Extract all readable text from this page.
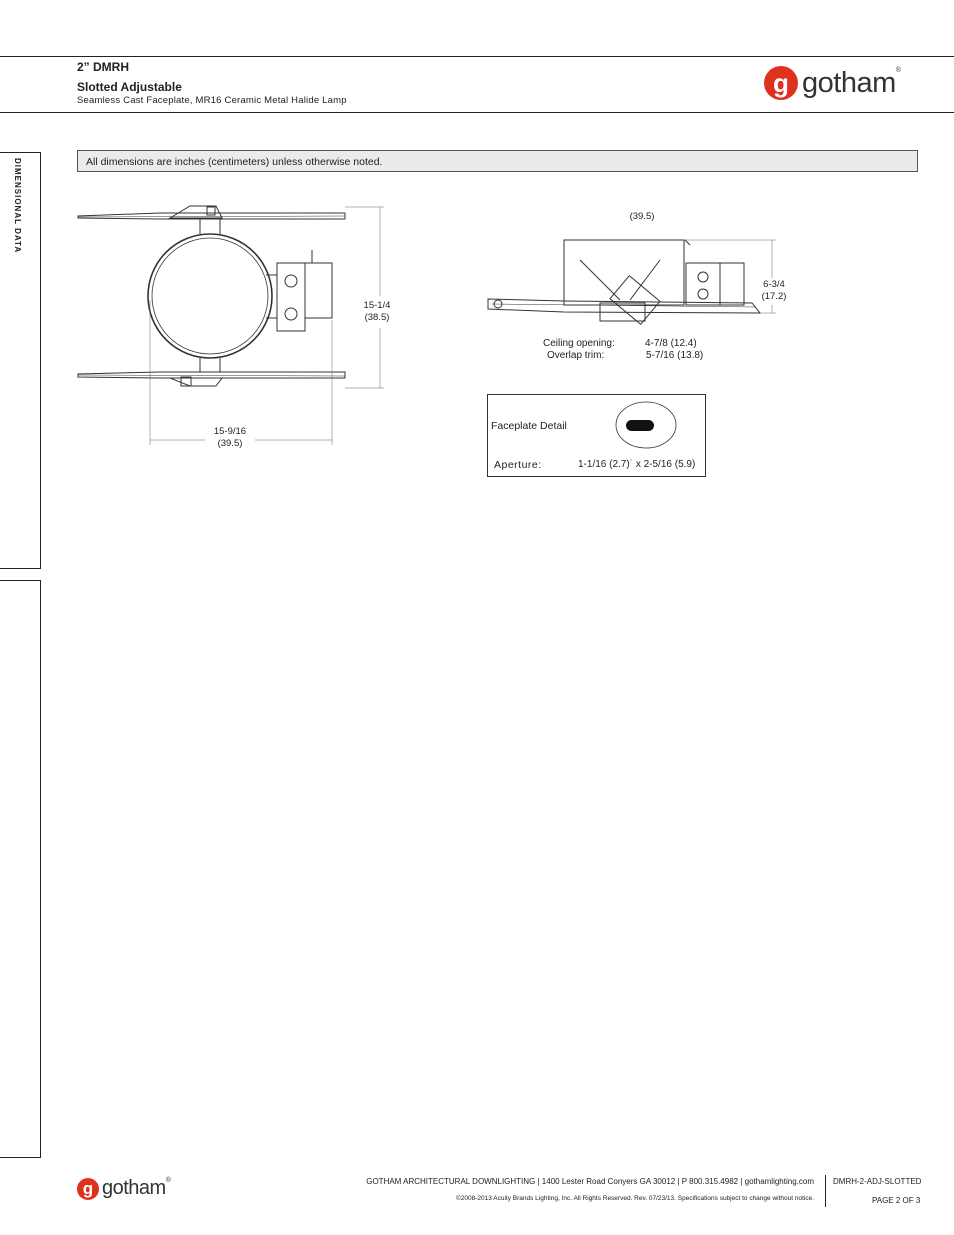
2” DMRH
Slotted Adjustable
Seamless Cast Faceplate, MR16 Ceramic Metal Halide Lamp
g gotham®
DIMENSIONAL DATA	All dimensions are inches (centimeters) unless otherwise noted.
15-1/4
(38.5)
15-9/16
(39.5)
(39.5)
6-3/4
(17.2)
Ceiling opening:	4-7/8 (12.4)
Overlap trim:	5-7/16 (13.8)
Faceplate Detail
Aperture:	1-1/16 (2.7)˙ x 2-5/16 (5.9)
g gotham®	GOTHAM ARCHITECTURAL DOWNLIGHTING | 1400 Lester Road Conyers GA 30012 | P 800.315.4982 | gothamlighting.com
©2008-2013 Acuity Brands Lighting, Inc. All Rights Reserved. Rev. 07/23/13. Specifications subject to change without notice.
DMRH-2-ADJ-SLOTTED
PAGE 2 OF 3
